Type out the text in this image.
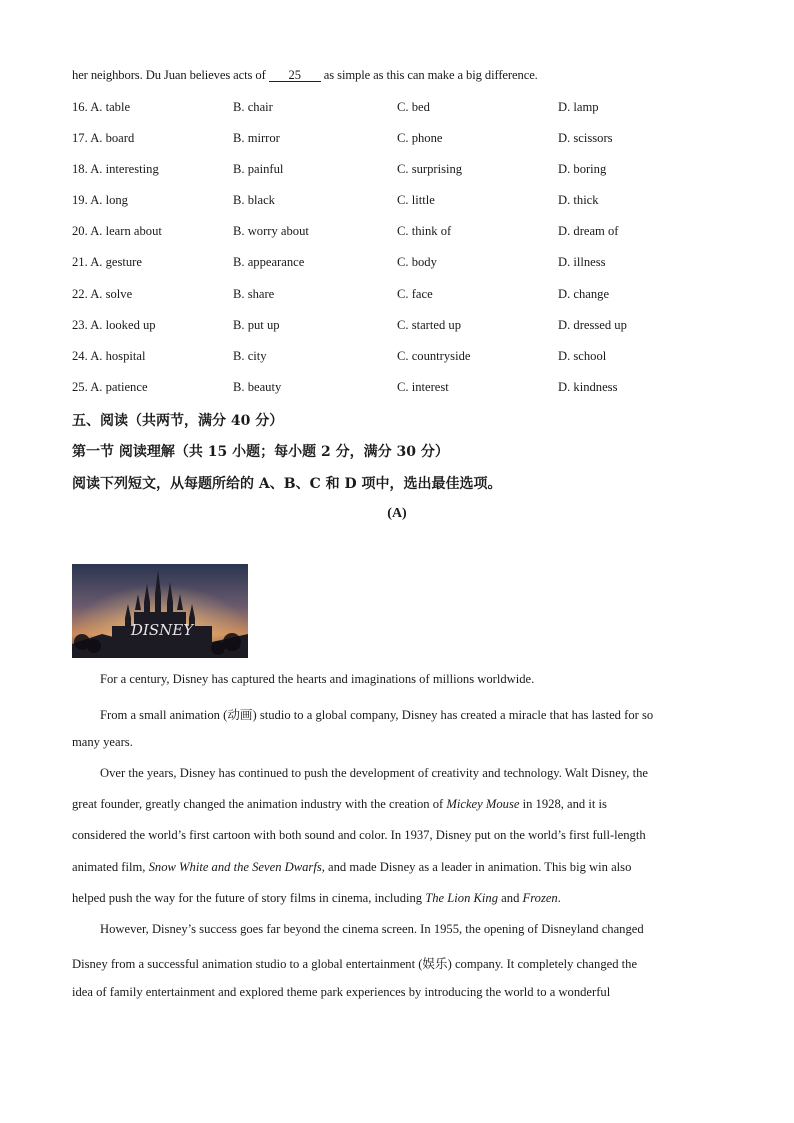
her neighbors. Du Juan believes acts of 25 as simple as this can make a big difference.
16. A. table	B. chair	C. bed	D. lamp
17. A. board	B. mirror	C. phone	D. scissors
18. A. interesting	B. painful	C. surprising	D. boring
19. A. long	B. black	C. little	D. thick
20. A. learn about	B. worry about	C. think of	D. dream of
21. A. gesture	B. appearance	C. body	D. illness
22. A. solve	B. share	C. face	D. change
23. A. looked up	B. put up	C. started up	D. dressed up
24. A. hospital	B. city	C. countryside	D. school
25. A. patience	B. beauty	C. interest	D. kindness
五、阅读（共两节，满分 40 分）
第一节 阅读理解（共 15 小题；每小题 2 分，满分 30 分）
阅读下列短文，从每题所给的 A、B、C 和 D 项中，选出最佳选项。
(A)
DISNEY
For a century, Disney has captured the hearts and imaginations of millions worldwide.
From a small animation (动画) studio to a global company, Disney has created a miracle that has lasted for so
many years.
Over the years, Disney has continued to push the development of creativity and technology. Walt Disney, the
great founder, greatly changed the animation industry with the creation of Mickey Mouse in 1928, and it is
considered the world’s first cartoon with both sound and color. In 1937, Disney put on the world’s first full-length
animated film, Snow White and the Seven Dwarfs, and made Disney as a leader in animation. This big win also
helped push the way for the future of story films in cinema, including The Lion King and Frozen.
However, Disney’s success goes far beyond the cinema screen. In 1955, the opening of Disneyland changed
Disney from a successful animation studio to a global entertainment (娱乐) company. It completely changed the
idea of family entertainment and explored theme park experiences by introducing the world to a wonderful
